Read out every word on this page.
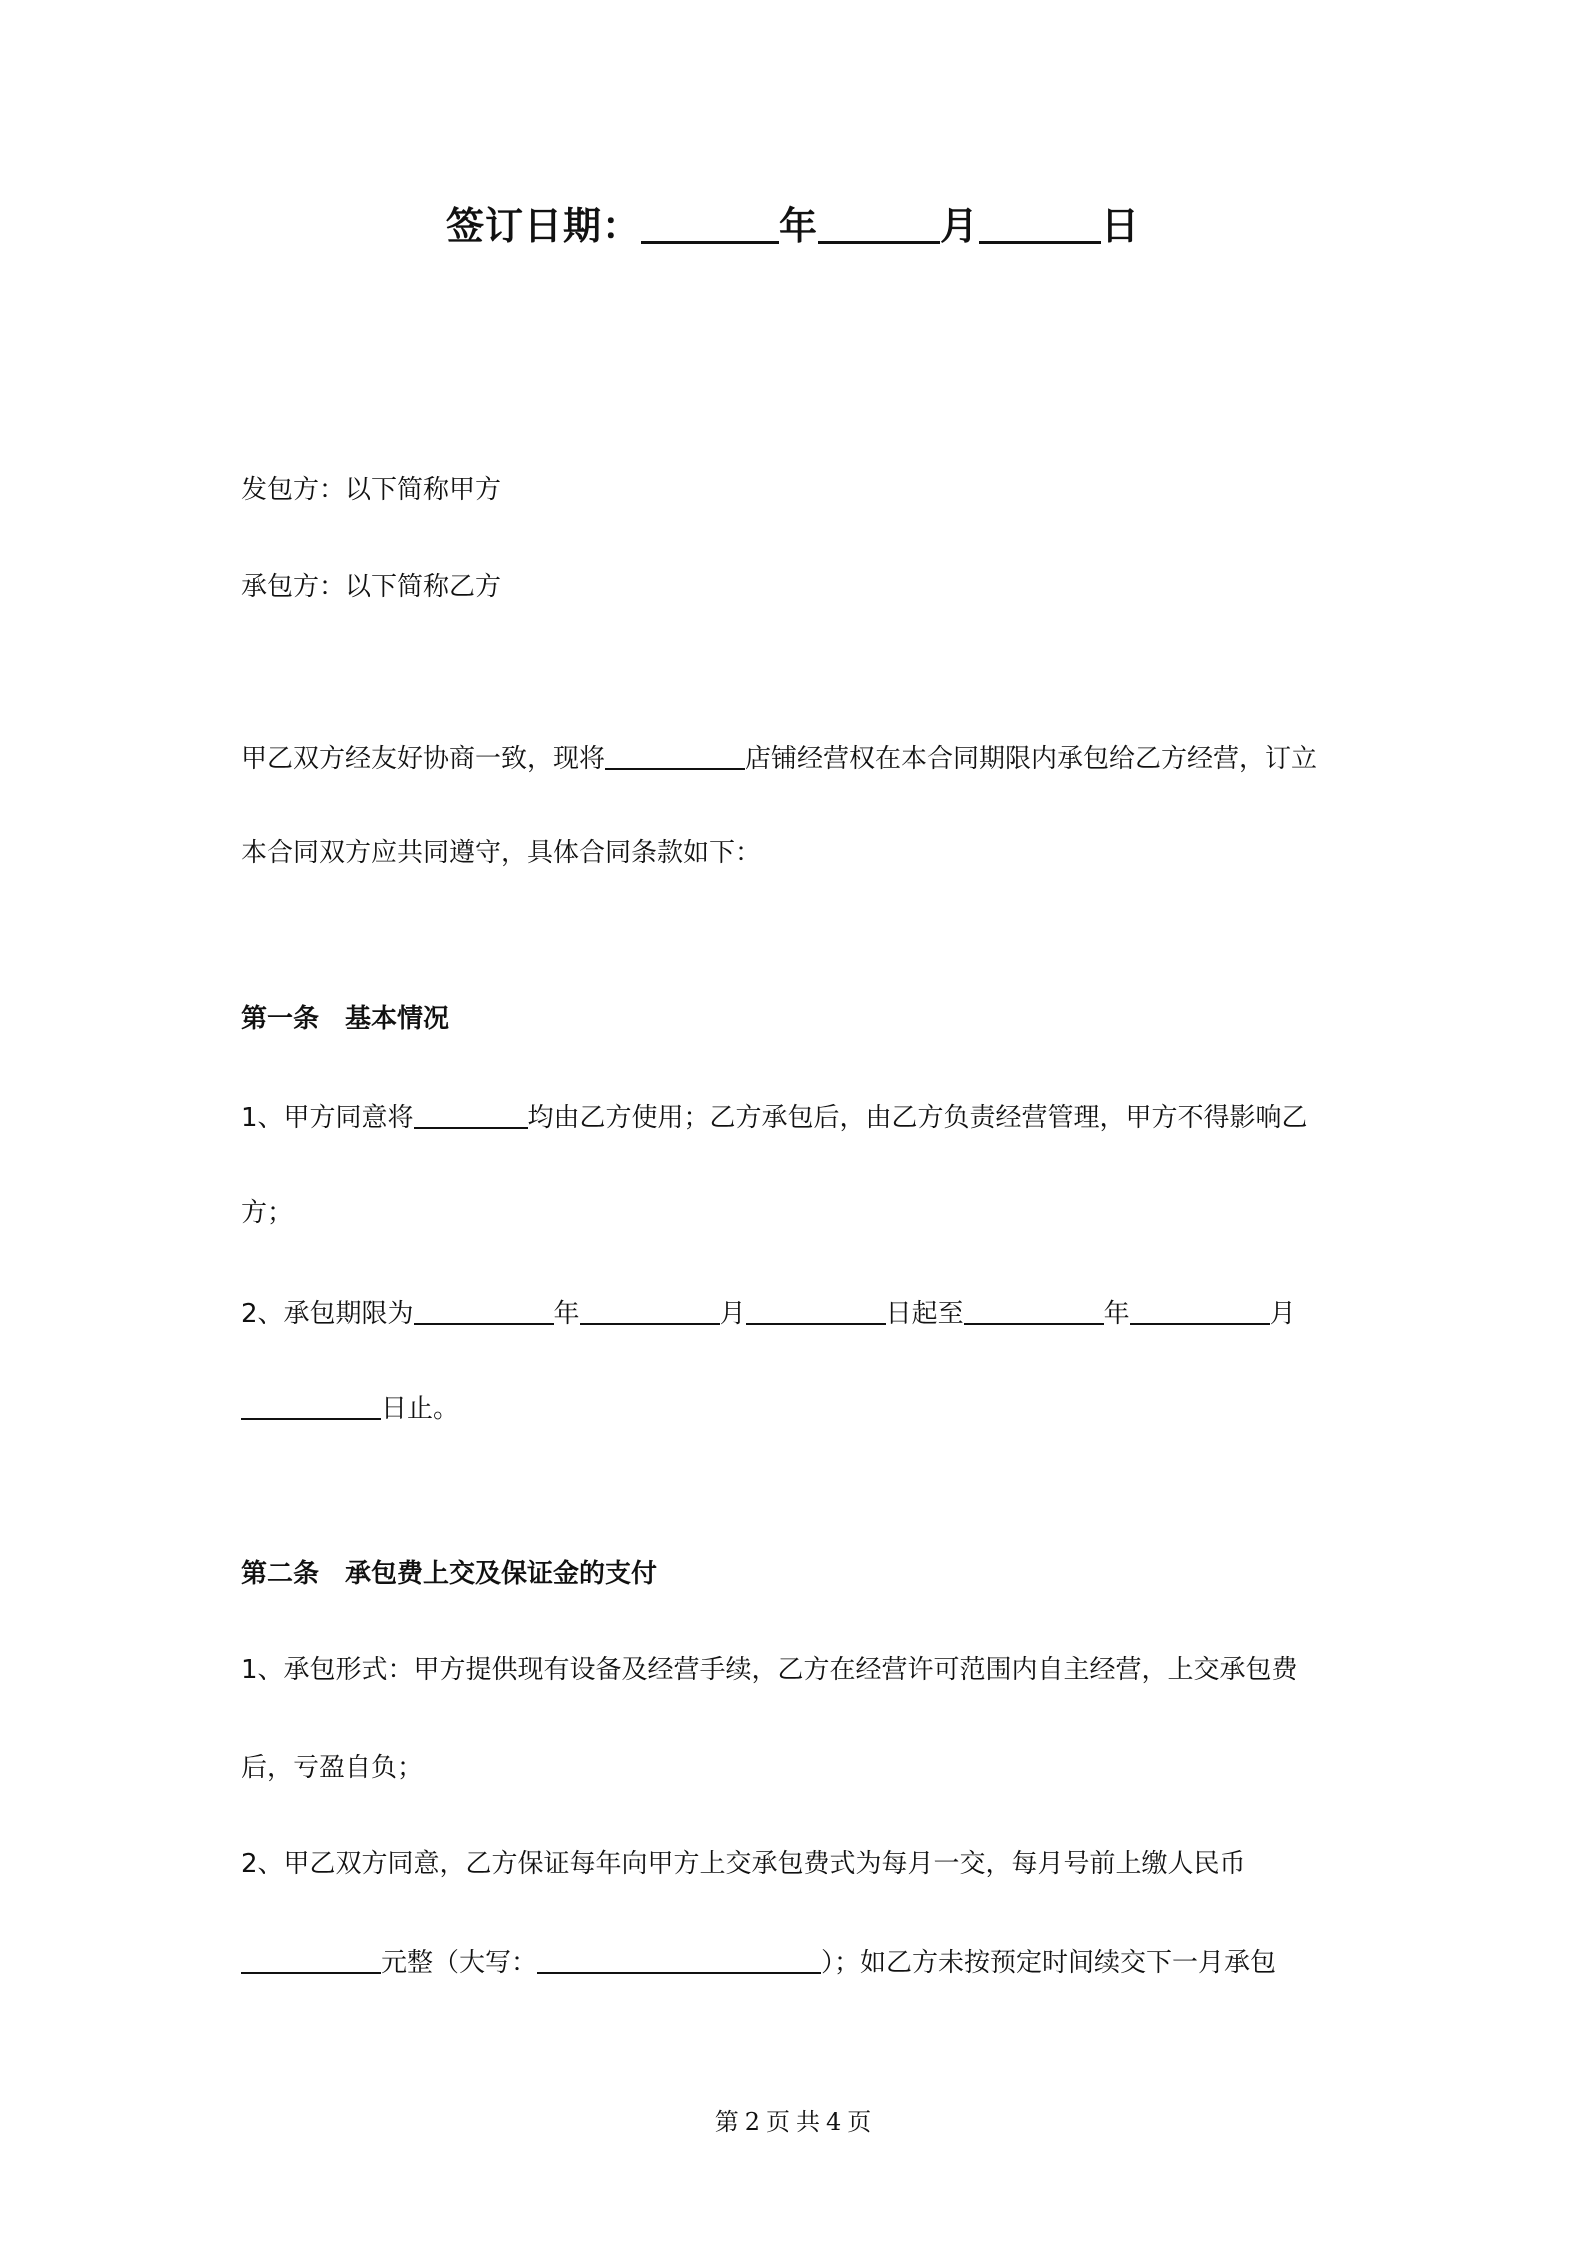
签订日期：	年	月	日
发包方：以下简称甲方
承包方：以下简称乙方
甲乙双方经友好协商一致，现将	店铺经营权在本合同期限内承包给乙方经营，订立
本合同双方应共同遵守，具体合同条款如下：
第一条 基本情况
1、甲方同意将	均由乙方使用；乙方承包后，由乙方负责经营管理，甲方不得影响乙
方；
2、承包期限为	年	月	日起至	年	月
日止。
第二条 承包费上交及保证金的支付
1、承包形式：甲方提供现有设备及经营手续，乙方在经营许可范围内自主经营，上交承包费
后，亏盈自负；
2、甲乙双方同意，乙方保证每年向甲方上交承包费式为每月一交，每月号前上缴人民币
元整（大写：	）；如乙方未按预定时间续交下一月承包
第 2 页 共 4 页
